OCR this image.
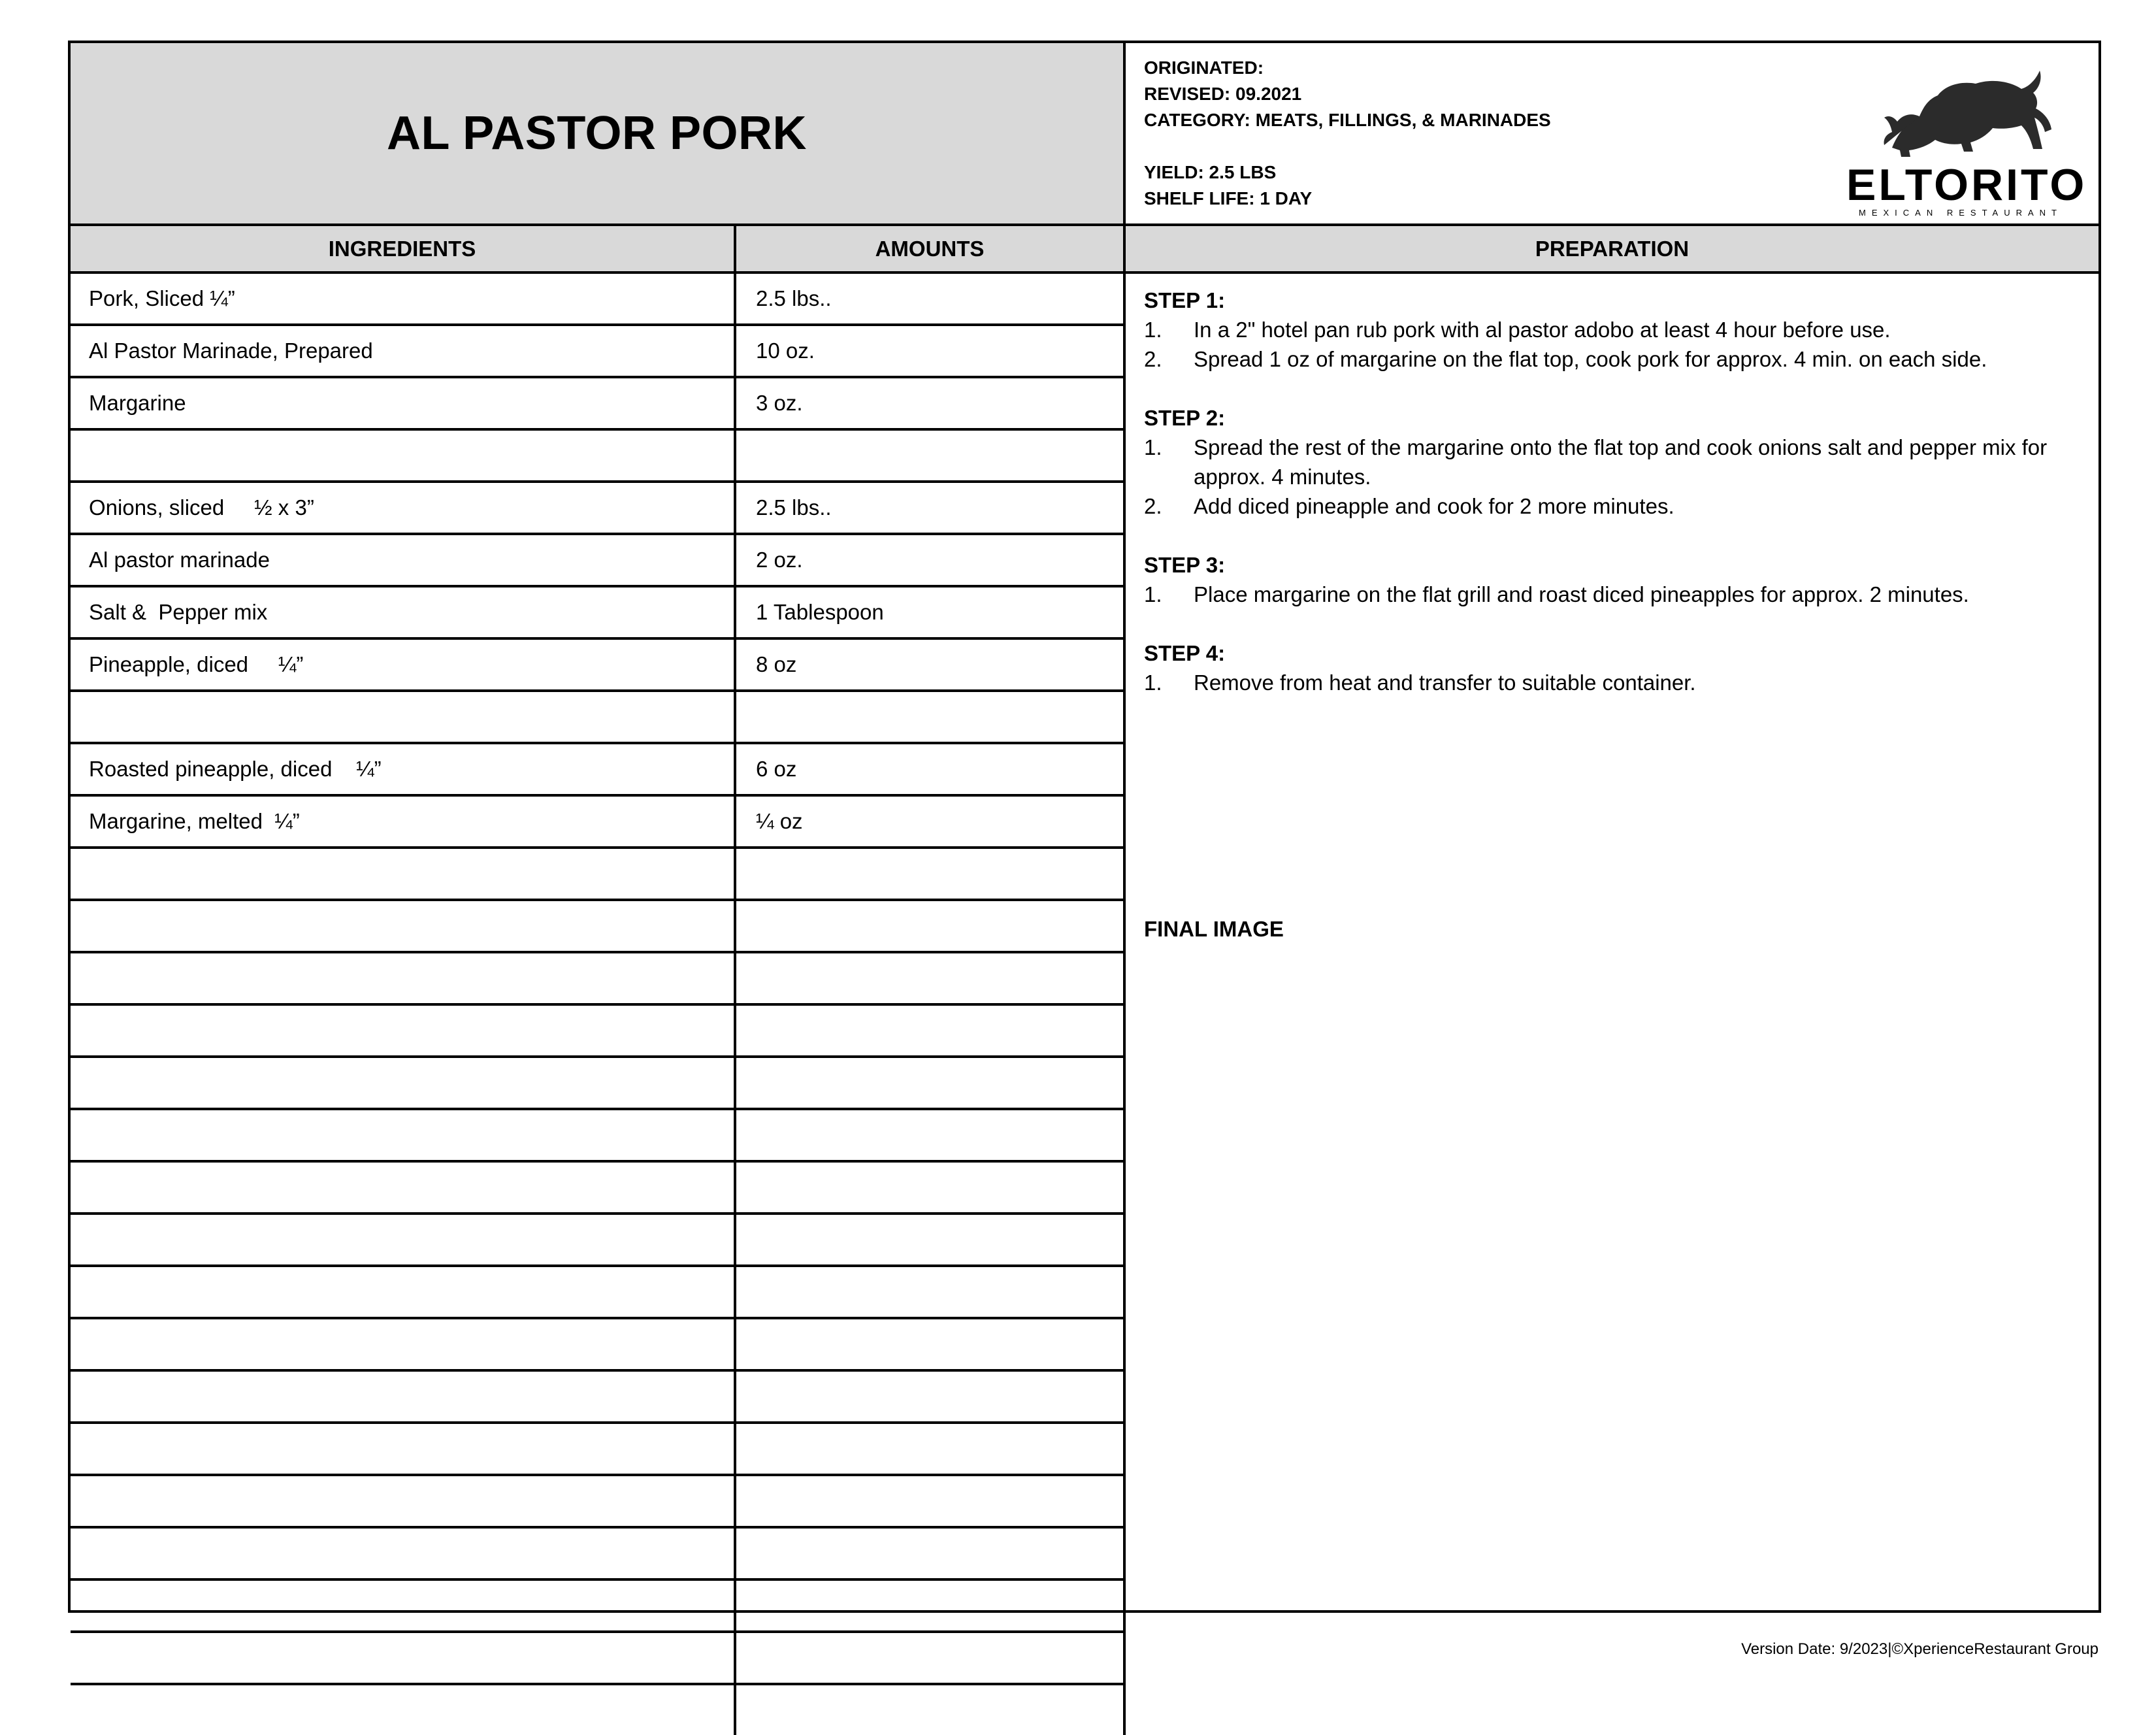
AL PASTOR PORK
ORIGINATED:
REVISED: 09.2021
CATEGORY: MEATS, FILLINGS, & MARINADES
YIELD: 2.5 LBS
SHELF LIFE: 1 DAY	ELTORITO
MEXICAN RESTAURANT
INGREDIENTS	AMOUNTS	PREPARATION
Pork, Sliced ¼”	2.5 lbs..
Al Pastor Marinade, Prepared	10 oz.
Margarine	3 oz.
Onions, sliced     ½ x 3”	2.5 lbs..
Al pastor marinade	2 oz.
Salt &  Pepper mix	1 Tablespoon
Pineapple, diced     ¼”	8 oz
Roasted pineapple, diced    ¼”	6 oz
Margarine, melted  ¼”	¼ oz
STEP 1:
1.	In a 2" hotel pan rub pork with al pastor adobo at least 4 hour before use.
2.	Spread 1 oz of margarine on the flat top, cook pork for approx. 4 min. on each side.
STEP 2:
1.	Spread the rest of the margarine onto the flat top and cook onions salt and pepper mix for approx. 4 minutes.
2.	Add diced pineapple and cook for 2 more minutes.
STEP 3:
1.	Place margarine on the flat grill and roast diced pineapples for approx. 2 minutes.
STEP 4:
1.	Remove from heat and transfer to suitable container.
FINAL IMAGE
Version Date: 9/2023|©XperienceRestaurant Group
